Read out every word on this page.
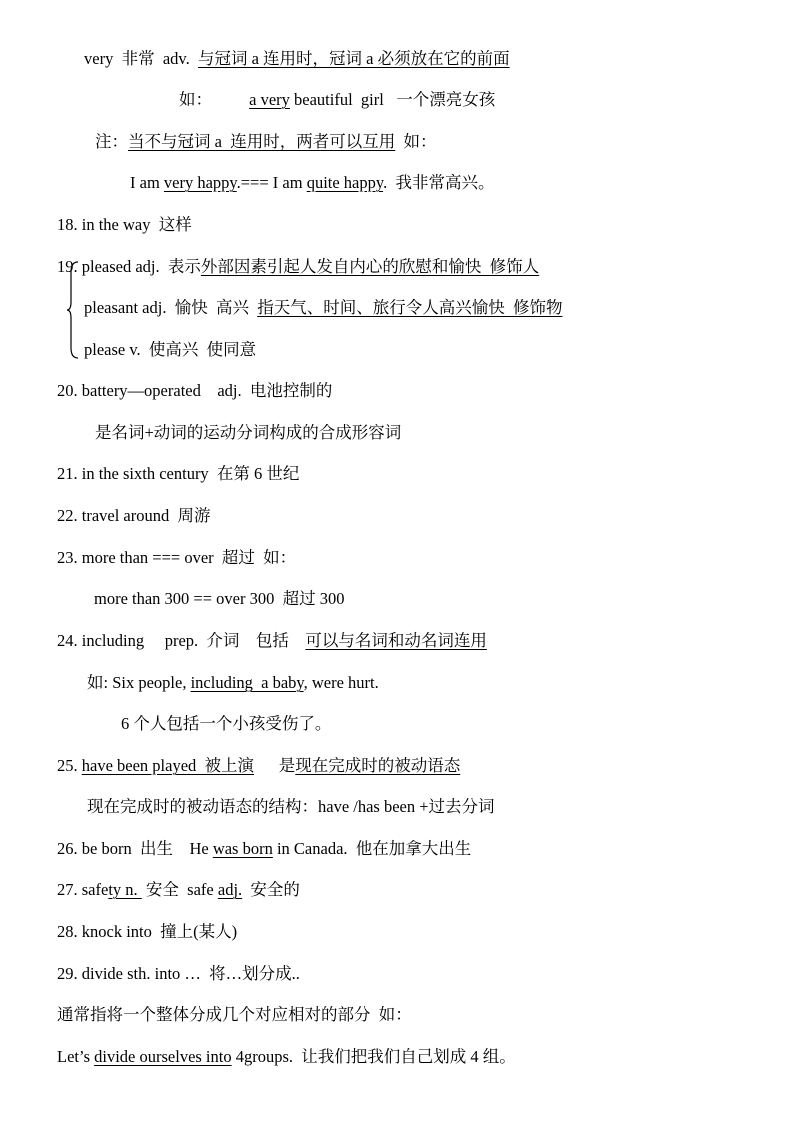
very  非常  adv.  与冠词 a 连用时，冠词 a 必须放在它的前面
如：         a very beautiful  girl   一个漂亮女孩
注：当不与冠词 a  连用时，两者可以互用  如：
I am very happy.=== I am quite happy.  我非常高兴。
18. in the way  这样
19. pleased adj.  表示外部因素引起人发自内心的欣慰和愉快  修饰人
pleasant adj.  愉快  高兴  指天气、时间、旅行令人高兴愉快  修饰物
please v.  使高兴  使同意
20. battery—operated    adj.  电池控制的
是名词+动词的运动分词构成的合成形容词
21. in the sixth century  在第 6 世纪
22. travel around  周游
23. more than === over  超过  如：
more than 300 == over 300  超过 300
24. including     prep.  介词    包括    可以与名词和动名词连用
如: Six people, including  a baby, were hurt.
6 个人包括一个小孩受伤了。
25. have been played  被上演      是现在完成时的被动语态
现在完成时的被动语态的结构：have /has been +过去分词
26. be born  出生    He was born in Canada.  他在加拿大出生
27. safety n.  安全  safe adj.  安全的
28. knock into  撞上(某人)
29. divide sth. into …  将…划分成..
通常指将一个整体分成几个对应相对的部分  如：
Let’s divide ourselves into 4groups.  让我们把我们自己划成 4 组。
